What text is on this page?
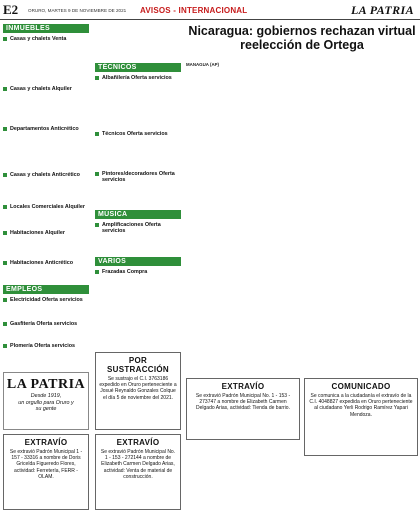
E2 ORURO, MARTES 9 DE NOVIEMBRE DE 2021 AVISOS - INTERNACIONAL	LA PATRIA
INMUEBLES
Casas y chalets Venta
Casas y chalets Alquiler
Departamentos Anticrético
Casas y chalets Anticrético
Locales Comerciales Alquiler
Habitaciones Alquiler
Habitaciones Anticrético
EMPLEOS
Electricidad Oferta servicios
Gasfitería Oferta servicios
Plomería Oferta servicios
TÉCNICOS
Albañilería Oferta servicios
Técnicos Oferta servicios
Pintores/decoradores Oferta servicios
MÚSICA
Amplificaciones Oferta servicios
VARIOS
Frazadas Compra
LA PATRIA
Desde 1919,
un orgullo para Oruro y
su gente
POR SUSTRACCIÓN
Se sustrajo el C.I. 3763186 expedido en Oruro perteneciente a Josué Reynaldo Gonzales Colque el día 5 de noviembre del 2021.
EXTRAVÍO
Se extravió Padrón Municipal 1 - 157 - 33316 a nombre de Doris Gricelda Figueredo Flores, actividad: Ferretería, FERR - OLAM.
EXTRAVÍO
Se extravió Padrón Municipal No. 1 - 153 - 272144 a nombre de Elizabeth Carmen Delgado Arias, actividad: Venta de material de construcción.
Nicaragua: gobiernos rechazan virtual reelección de Ortega
MANAGUA (AP)
EXTRAVÍO
Se extravió Padrón Municipal No. 1 - 153 - 273747 a nombre de Elizabeth Carmen Delgado Arias, actividad: Tienda de barrio.
COMUNICADO
Se comunica a la ciudadanía el extravío de la C.I. 4048827 expedida en Oruro perteneciente al ciudadano Yerli Rodrigo Ramírez Yapari Mendoza.
